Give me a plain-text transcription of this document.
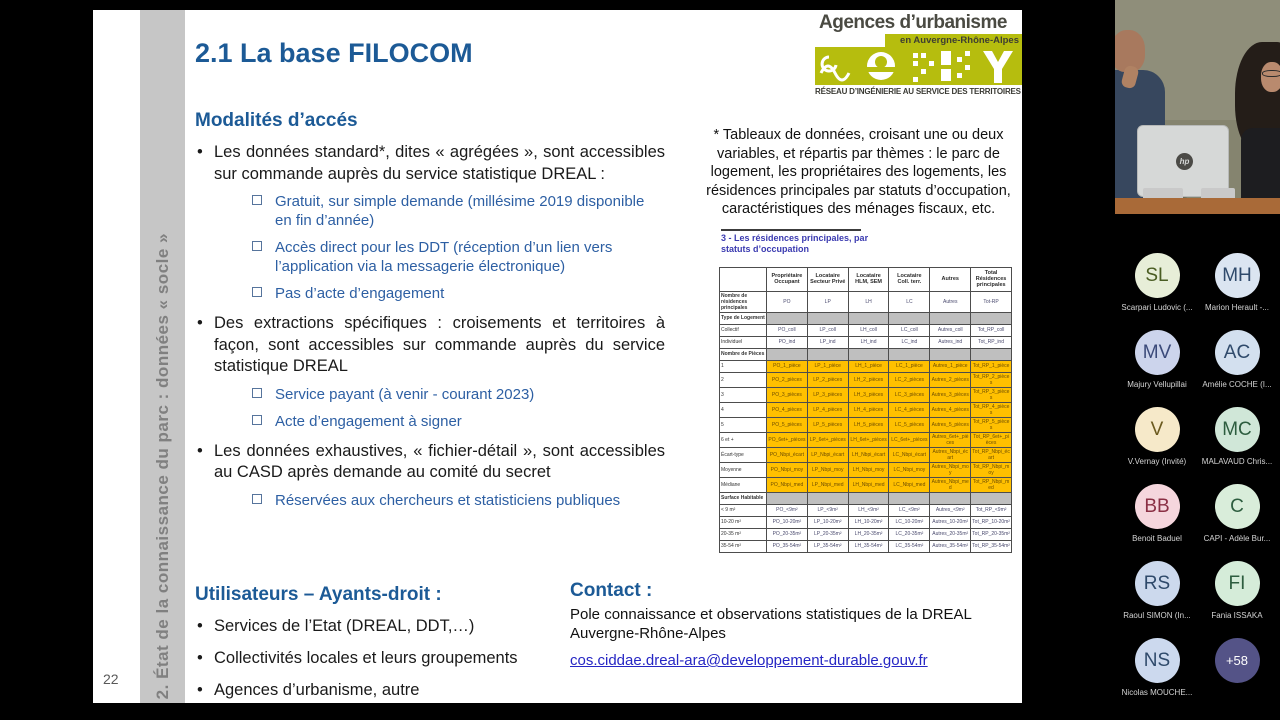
22 2. État de la connaissance du parc : données « socle »
2.1 La base FILOCOM
Agences d’urbanisme
en Auvergne-Rhône-Alpes
RÉSEAU D’INGÉNIERIE AU SERVICE DES TERRITOIRES
Modalités d’accés
• Les données standard*, dites « agrégées », sont accessibles sur commande auprès du service statistique DREAL :
Gratuit, sur simple demande (millésime 2019 disponible en fin d’année)
Accès direct pour les DDT (réception d’un lien vers l’application via la messagerie électronique)
Pas d’acte d’engagement
• Des extractions spécifiques : croisements et territoires à façon, sont accessibles sur commande auprès du service statistique DREAL
Service payant (à venir - courant 2023)
Acte d’engagement à signer
• Les données exhaustives, « fichier-détail », sont accessibles au CASD après demande au comité du secret
Réservées aux chercheurs et statisticiens publiques
Utilisateurs – Ayants-droit :
• Services de l’Etat (DREAL, DDT,…)
• Collectivités locales et leurs groupements
• Agences d’urbanisme, autre

* Tableaux de données, croisant une ou deux variables, et répartis par thèmes : le parc de logement, les propriétaires des logements, les résidences principales par statuts d’occupation, caractéristiques des ménages fiscaux, etc.

3 - Les résidences principales, par statuts d’occupation
	Propriétaire Occupant	Locataire Secteur Privé	Locataire HLM, SEM	Locataire Coll. terr.	Autres	Total Résidences principales
Nombre de résidences principales	PO	LP	LH	LC	Autres	Tot-RP
Type de Logement						
Collectif	PO_coll	LP_coll	LH_coll	LC_coll	Autres_coll	Tot_RP_coll
Individuel	PO_ind	LP_ind	LH_ind	LC_ind	Autres_ind	Tot_RP_ind
Nombre de Pièces						
1	PO_1_pièce	LP_1_pièce	LH_1_pièce	LC_1_pièce	Autres_1_pièce	Tot_RP_1_pièce
2	PO_2_pièces	LP_2_pièces	LH_2_pièces	LC_2_pièces	Autres_2_pièces	Tot_RP_2_pièces
3	PO_3_pièces	LP_3_pièces	LH_3_pièces	LC_3_pièces	Autres_3_pièces	Tot_RP_3_pièces
4	PO_4_pièces	LP_4_pièces	LH_4_pièces	LC_4_pièces	Autres_4_pièces	Tot_RP_4_pièces
5	PO_5_pièces	LP_5_pièces	LH_5_pièces	LC_5_pièces	Autres_5_pièces	Tot_RP_5_pièces
6 et +	PO_6et+_pièces	LP_6et+_pièces	LH_6et+_pièces	LC_6et+_pièces	Autres_6et+_pièces	Tot_RP_6et+_pièces
Écart-type	PO_Nbpi_écart	LP_Nbpi_écart	LH_Nbpi_écart	LC_Nbpi_écart	Autres_Nbpi_écart	Tot_RP_Nbpi_écart
Moyenne	PO_Nbpi_moy	LP_Nbpi_moy	LH_Nbpi_moy	LC_Nbpi_moy	Autres_Nbpi_moy	Tot_RP_Nbpi_moy
Médiane	PO_Nbpi_med	LP_Nbpi_med	LH_Nbpi_med	LC_Nbpi_med	Autres_Nbpi_med	Tot_RP_Nbpi_med
Surface Habitable						
< 9 m²	PO_<9m²	LP_<9m²	LH_<9m²	LC_<9m²	Autres_<9m²	Tot_RP_<9m²
10-20 m²	PO_10-20m²	LP_10-20m²	LH_10-20m²	LC_10-20m²	Autres_10-20m²	Tot_RP_10-20m²
20-35 m²	PO_20-35m²	LP_20-35m²	LH_20-35m²	LC_20-35m²	Autres_20-35m²	Tot_RP_20-35m²
35-54 m²	PO_35-54m²	LP_35-54m²	LH_35-54m²	LC_35-54m²	Autres_35-54m²	Tot_RP_35-54m²
Contact :
Pole connaissance et observations statistiques de la DREAL Auvergne-Rhône-Alpes
cos.ciddae.dreal-ara@developpement-durable.gouv.fr
hp
SL
Scarpari Ludovic (...
MH
Marion Herault -...
MV
Majury Vellupillai
AC
Amélie COCHE (I...
V
V.Vernay (Invité)
MC
MALAVAUD Chris...
BB
Benoit Baduel
C
CAPI - Adèle Bur...
RS
Raoul SIMON (In...
FI
Fania ISSAKA
NS
Nicolas MOUCHE...
+58
